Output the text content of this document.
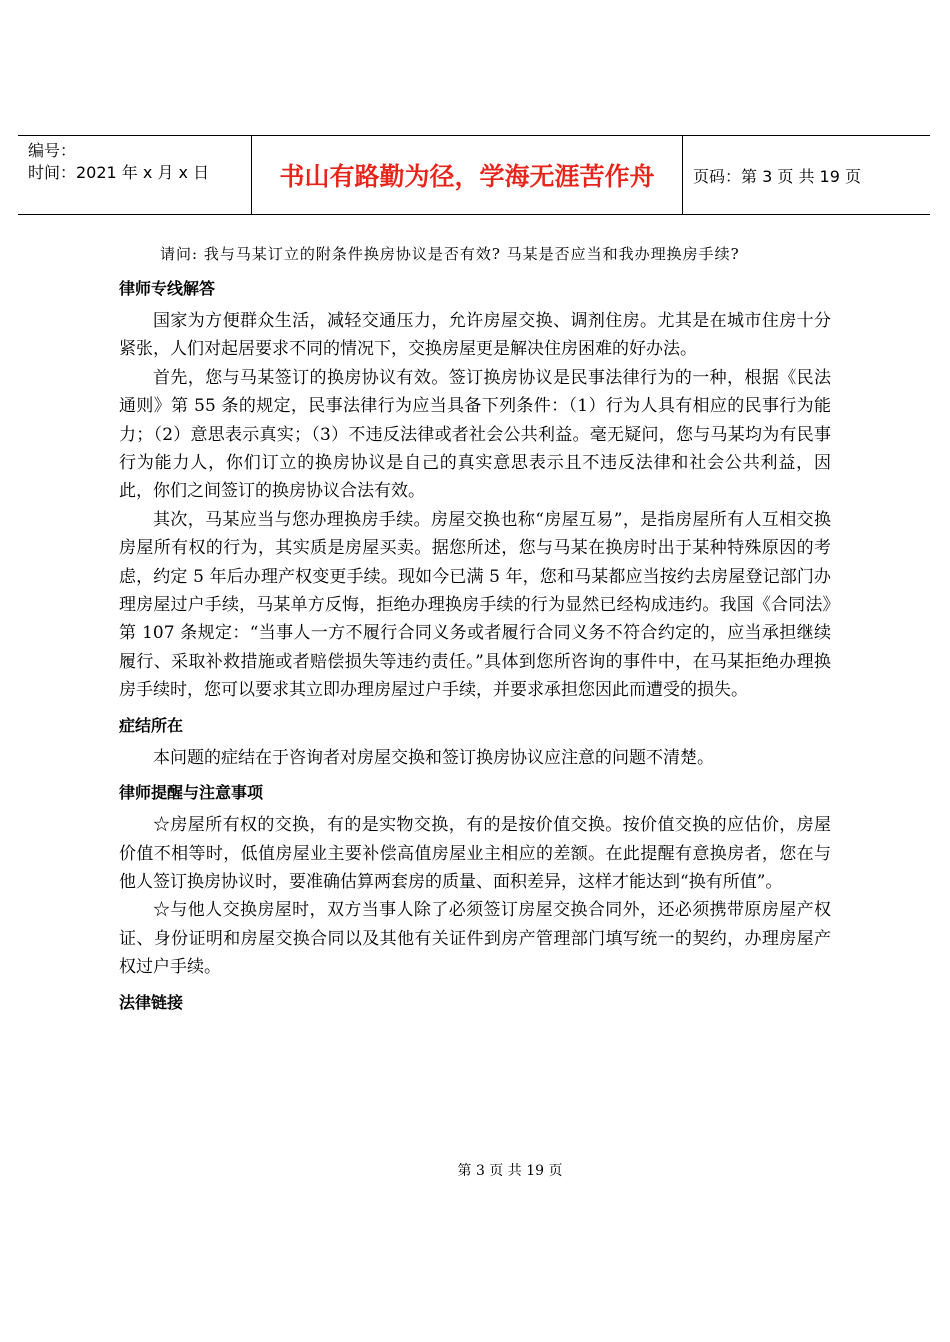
编号：
时间：2021 年 x 月 x 日	书山有路勤为径，学海无涯苦作舟 页码：第 3 页 共 19 页
请问: 我与马某订立的附条件换房协议是否有效? 马某是否应当和我办理换房手续?
律师专线解答

国家为方便群众生活，减轻交通压力，允许房屋交换、调剂住房。尤其是在城市住房十分紧张，人们对起居要求不同的情况下，交换房屋更是解决住房困难的好办法。

首先，您与马某签订的换房协议有效。签订换房协议是民事法律行为的一种，根据《民法通则》第 55 条的规定，民事法律行为应当具备下列条件：（1）行为人具有相应的民事行为能力；（2）意思表示真实；（3）不违反法律或者社会公共利益。毫无疑问，您与马某均为有民事行为能力人，你们订立的换房协议是自己的真实意思表示且不违反法律和社会公共利益，因此，你们之间签订的换房协议合法有效。

其次，马某应当与您办理换房手续。房屋交换也称“房屋互易”，是指房屋所有人互相交换房屋所有权的行为，其实质是房屋买卖。据您所述，您与马某在换房时出于某种特殊原因的考虑，约定 5 年后办理产权变更手续。现如今已满 5 年，您和马某都应当按约去房屋登记部门办理房屋过户手续，马某单方反悔，拒绝办理换房手续的行为显然已经构成违约。我国《合同法》第 107 条规定：“当事人一方不履行合同义务或者履行合同义务不符合约定的，应当承担继续履行、采取补救措施或者赔偿损失等违约责任。”具体到您所咨询的事件中，在马某拒绝办理换房手续时，您可以要求其立即办理房屋过户手续，并要求承担您因此而遭受的损失。

症结所在

本问题的症结在于咨询者对房屋交换和签订换房协议应注意的问题不清楚。

律师提醒与注意事项

☆房屋所有权的交换，有的是实物交换，有的是按价值交换。按价值交换的应估价，房屋价值不相等时，低值房屋业主要补偿高值房屋业主相应的差额。在此提醒有意换房者，您在与他人签订换房协议时，要准确估算两套房的质量、面积差异，这样才能达到“换有所值”。

☆与他人交换房屋时，双方当事人除了必须签订房屋交换合同外，还必须携带原房屋产权证、身份证明和房屋交换合同以及其他有关证件到房产管理部门填写统一的契约，办理房屋产权过户手续。

法律链接
第 3 页 共 19 页
